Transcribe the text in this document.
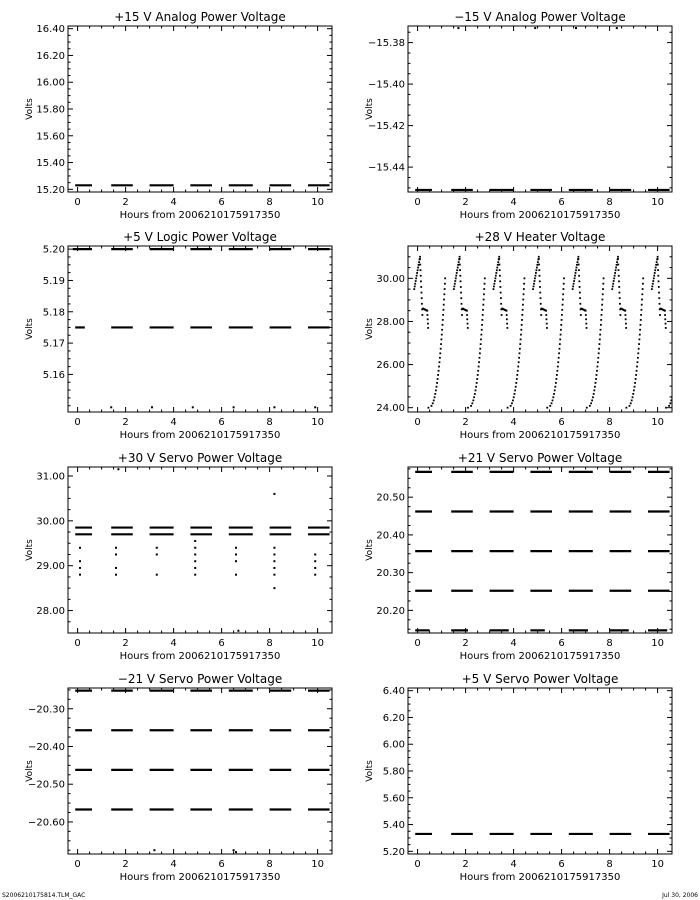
+15 V Analog Power Voltage
Volts
Hours from 2006210175917350
0	2	4	6	8	10
15.20
15.40
15.60
15.80
16.00
16.20
16.40
−15 V Analog Power Voltage
Volts
Hours from 2006210175917350
0	2	4	6	8	10
−15.38
−15.40
−15.42
−15.44
+5 V Logic Power Voltage
Volts
Hours from 2006210175917350
0	2	4	6	8	10
5.16
5.17
5.18
5.19
5.20
+28 V Heater Voltage
Volts
Hours from 2006210175917350
0	2	4	6	8	10
24.00
26.00
28.00
30.00
+30 V Servo Power Voltage
Volts
Hours from 2006210175917350
0	2	4	6	8	10
28.00
29.00
30.00
31.00
+21 V Servo Power Voltage
Volts
Hours from 2006210175917350
0	2	4	6	8	10
20.20
20.30
20.40
20.50
−21 V Servo Power Voltage
Volts
Hours from 2006210175917350
0	2	4	6	8	10
−20.30
−20.40
−20.50
−20.60
+5 V Servo Power Voltage
Volts
Hours from 2006210175917350
0	2	4	6	8	10
5.20
5.40
5.60
5.80
6.00
6.20
6.40
S2006210175814.TLM_GAC	Jul 30, 2006
